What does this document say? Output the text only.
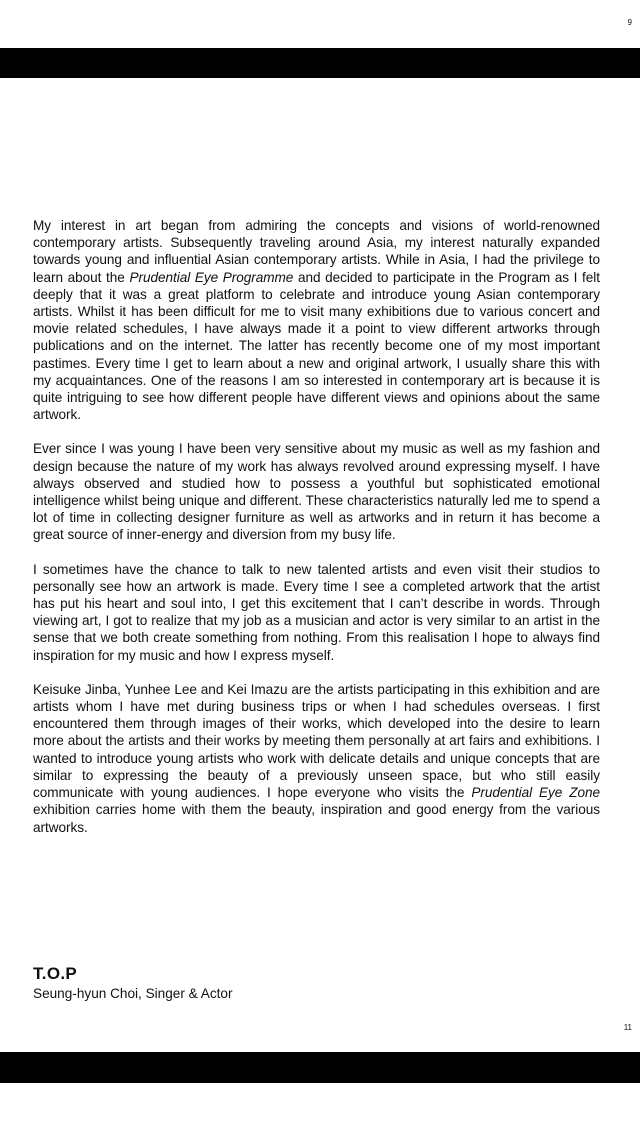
9

My interest in art began from admiring the concepts and visions of world-renowned contemporary artists. Subsequently traveling around Asia, my interest naturally expanded towards young and influential Asian contemporary artists. While in Asia, I had the privilege to learn about the Prudential Eye Programme and decided to participate in the Program as I felt deeply that it was a great platform to celebrate and introduce young Asian contemporary artists. Whilst it has been difficult for me to visit many exhibitions due to various concert and movie related schedules, I have always made it a point to view different artworks through publications and on the internet. The latter has recently become one of my most important pastimes. Every time I get to learn about a new and original artwork, I usually share this with my acquaintances. One of the reasons I am so interested in contemporary art is because it is quite intriguing to see how different people have different views and opinions about the same artwork.

Ever since I was young I have been very sensitive about my music as well as my fashion and design because the nature of my work has always revolved around expressing myself. I have always observed and studied how to possess a youthful but sophisticated emotional intelligence whilst being unique and different. These characteristics naturally led me to spend a lot of time in collecting designer furniture as well as artworks and in return it has become a great source of inner-energy and diversion from my busy life.

I sometimes have the chance to talk to new talented artists and even visit their studios to personally see how an artwork is made. Every time I see a completed artwork that the artist has put his heart and soul into, I get this excitement that I can’t describe in words. Through viewing art, I got to realize that my job as a musician and actor is very similar to an artist in the sense that we both create something from nothing. From this realisation I hope to always find inspiration for my music and how I express myself.

Keisuke Jinba, Yunhee Lee and Kei Imazu are the artists participating in this exhibition and are artists whom I have met during business trips or when I had schedules overseas. I first encountered them through images of their works, which developed into the desire to learn more about the artists and their works by meeting them personally at art fairs and exhibitions. I wanted to introduce young artists who work with delicate details and unique concepts that are similar to expressing the beauty of a previously unseen space, but who still easily communicate with young audiences. I hope everyone who visits the Prudential Eye Zone exhibition carries home with them the beauty, inspiration and good energy from the various artworks.

T.O.P
Seung-hyun Choi, Singer & Actor
11
